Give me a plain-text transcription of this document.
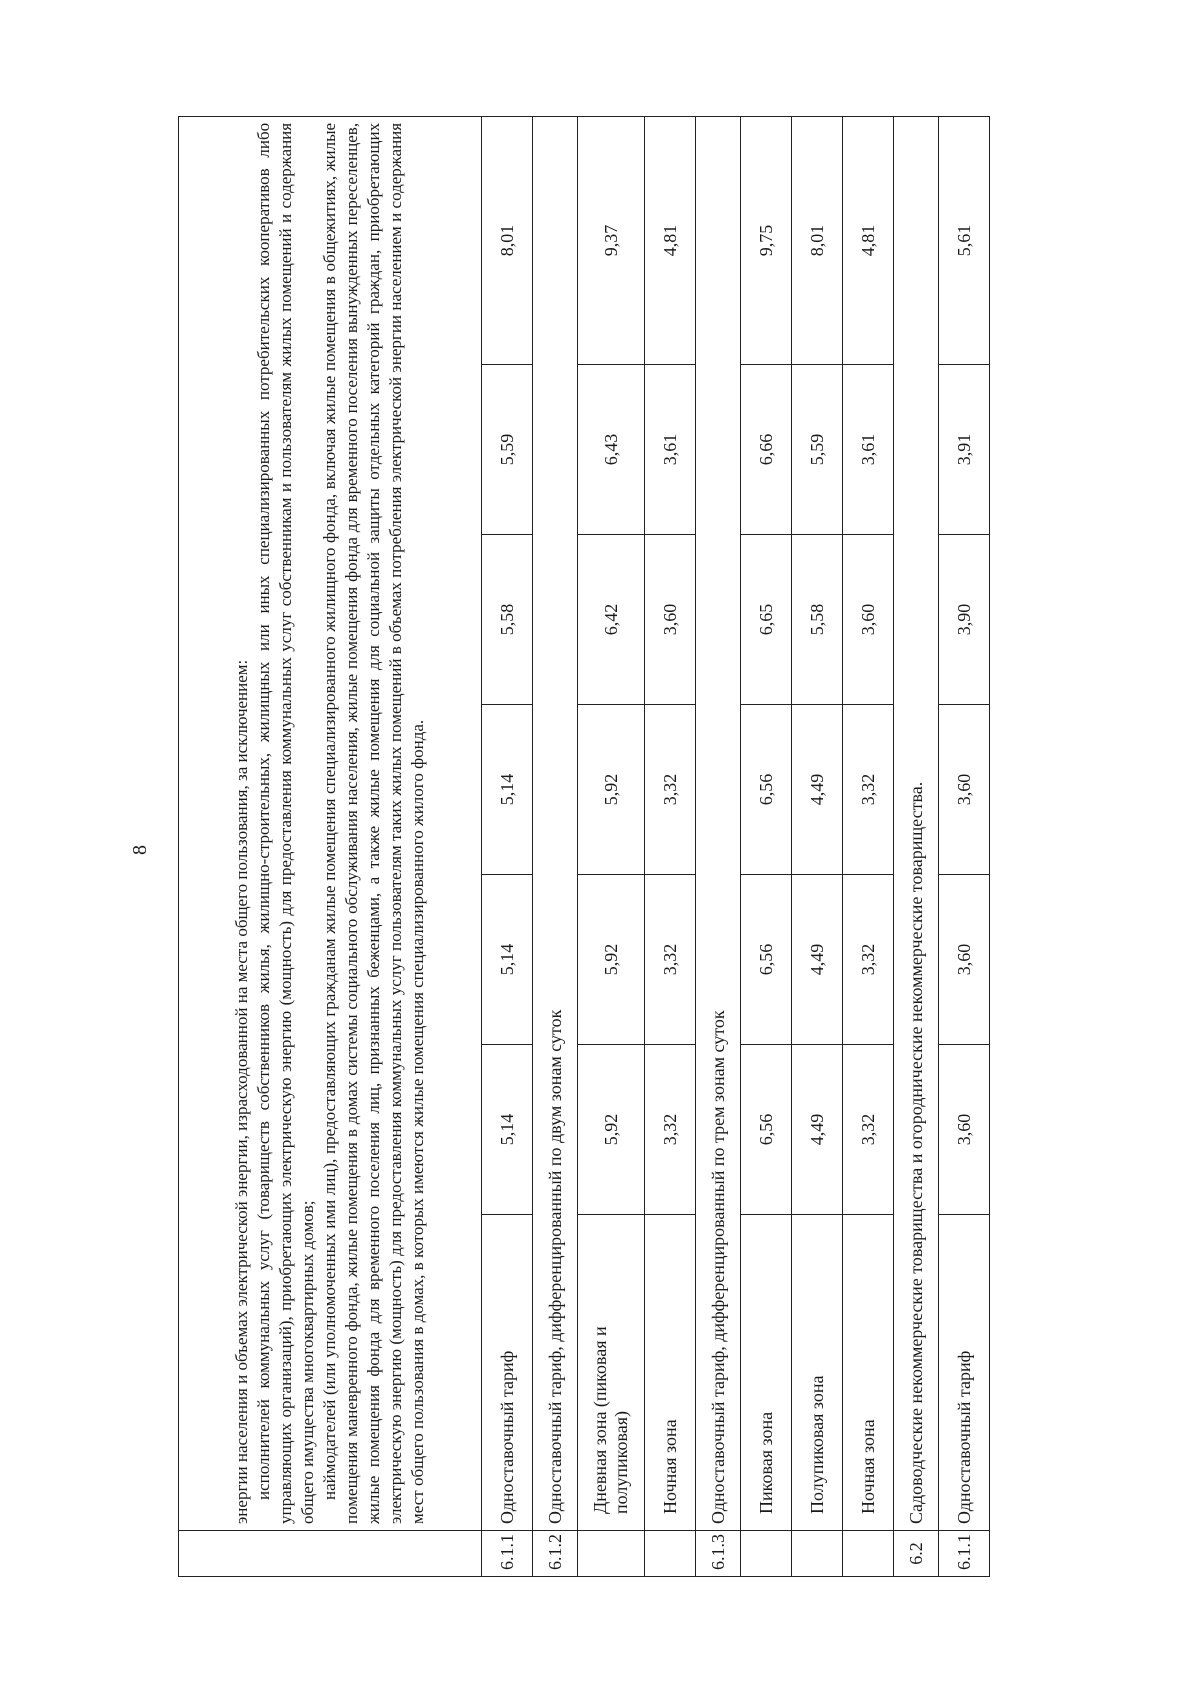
8

	энергии населения и объемах электрической энергии, израсходованной на места общего пользования, за исключением: исполнителей коммунальных услуг (товариществ собственников жилья, жилищно-строительных, жилищных или иных специализированных потребительских кооперативов либо управляющих организаций), приобретающих электрическую энергию (мощность) для предоставления коммунальных услуг собственникам и пользователям жилых помещений и содержания общего имущества многоквартирных домов; наймодателей (или уполномоченных ими лиц), предоставляющих гражданам жилые помещения специализированного жилищного фонда, включая жилые помещения в общежитиях, жилые помещения маневренного фонда, жилые помещения в домах системы социального обслуживания населения, жилые помещения фонда для временного поселения вынужденных переселенцев, жилые помещения фонда для временного поселения лиц, признанных беженцами, а также жилые помещения для социальной защиты отдельных категорий граждан, приобретающих электрическую энергию (мощность) для предоставления коммунальных услуг пользователям таких жилых помещений в объемах потребления электрической энергии населением и содержания мест общего пользования в домах, в которых имеются жилые помещения специализированного жилого фонда.						

6.1.1	Одноставочный тариф	5,14	5,14	5,14	5,58	5,59	8,01
6.1.2	Одноставочный тариф, дифференцированный по двум зонам суток						
	Дневная зона (пиковая и полупиковая)	5,92	5,92	5,92	6,42	6,43	9,37
	Ночная зона	3,32	3,32	3,32	3,60	3,61	4,81
6.1.3	Одноставочный тариф, дифференцированный по трем зонам суток						
	Пиковая зона	6,56	6,56	6,56	6,65	6,66	9,75
	Полупиковая зона	4,49	4,49	4,49	5,58	5,59	8,01
	Ночная зона	3,32	3,32	3,32	3,60	3,61	4,81
6.2	Садоводческие некоммерческие товарищества и огороднические некоммерческие товарищества.						
6.1.1	Одноставочный тариф	3,60	3,60	3,60	3,90	3,91	5,61
